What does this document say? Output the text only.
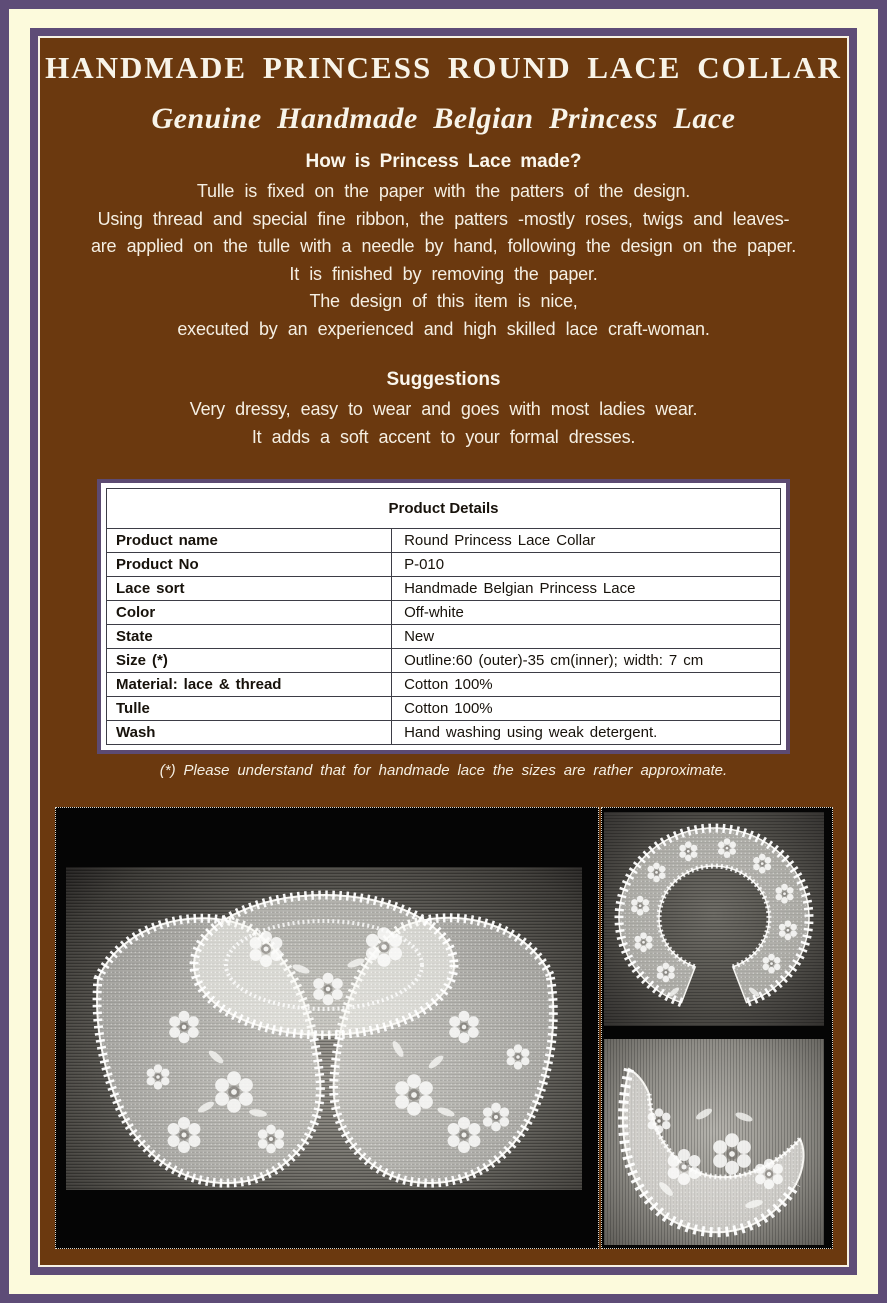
HANDMADE PRINCESS ROUND LACE COLLAR
Genuine Handmade Belgian Princess Lace
How is Princess Lace made?

Tulle is fixed on the paper with the patters of the design.

Using thread and special fine ribbon, the patters -mostly roses, twigs and leaves-

are applied on the tulle with a needle by hand, following the design on the paper.

It is finished by removing the paper.

The design of this item is nice,

executed by an experienced and high skilled lace craft-woman.

Suggestions

Very dressy, easy to wear and goes with most ladies wear.

It adds a soft accent to your formal dresses.

Product Details	
Product name	Round Princess Lace Collar
Product No	P-010
Lace sort	Handmade Belgian Princess Lace
Color	Off-white
State	New
Size (*)	Outline:60 (outer)-35 cm(inner); width: 7 cm
Material: lace & thread	Cotton 100%
Tulle	Cotton 100%
Wash	Hand washing using weak detergent.

(*) Please understand that for handmade lace the sizes are rather approximate.
